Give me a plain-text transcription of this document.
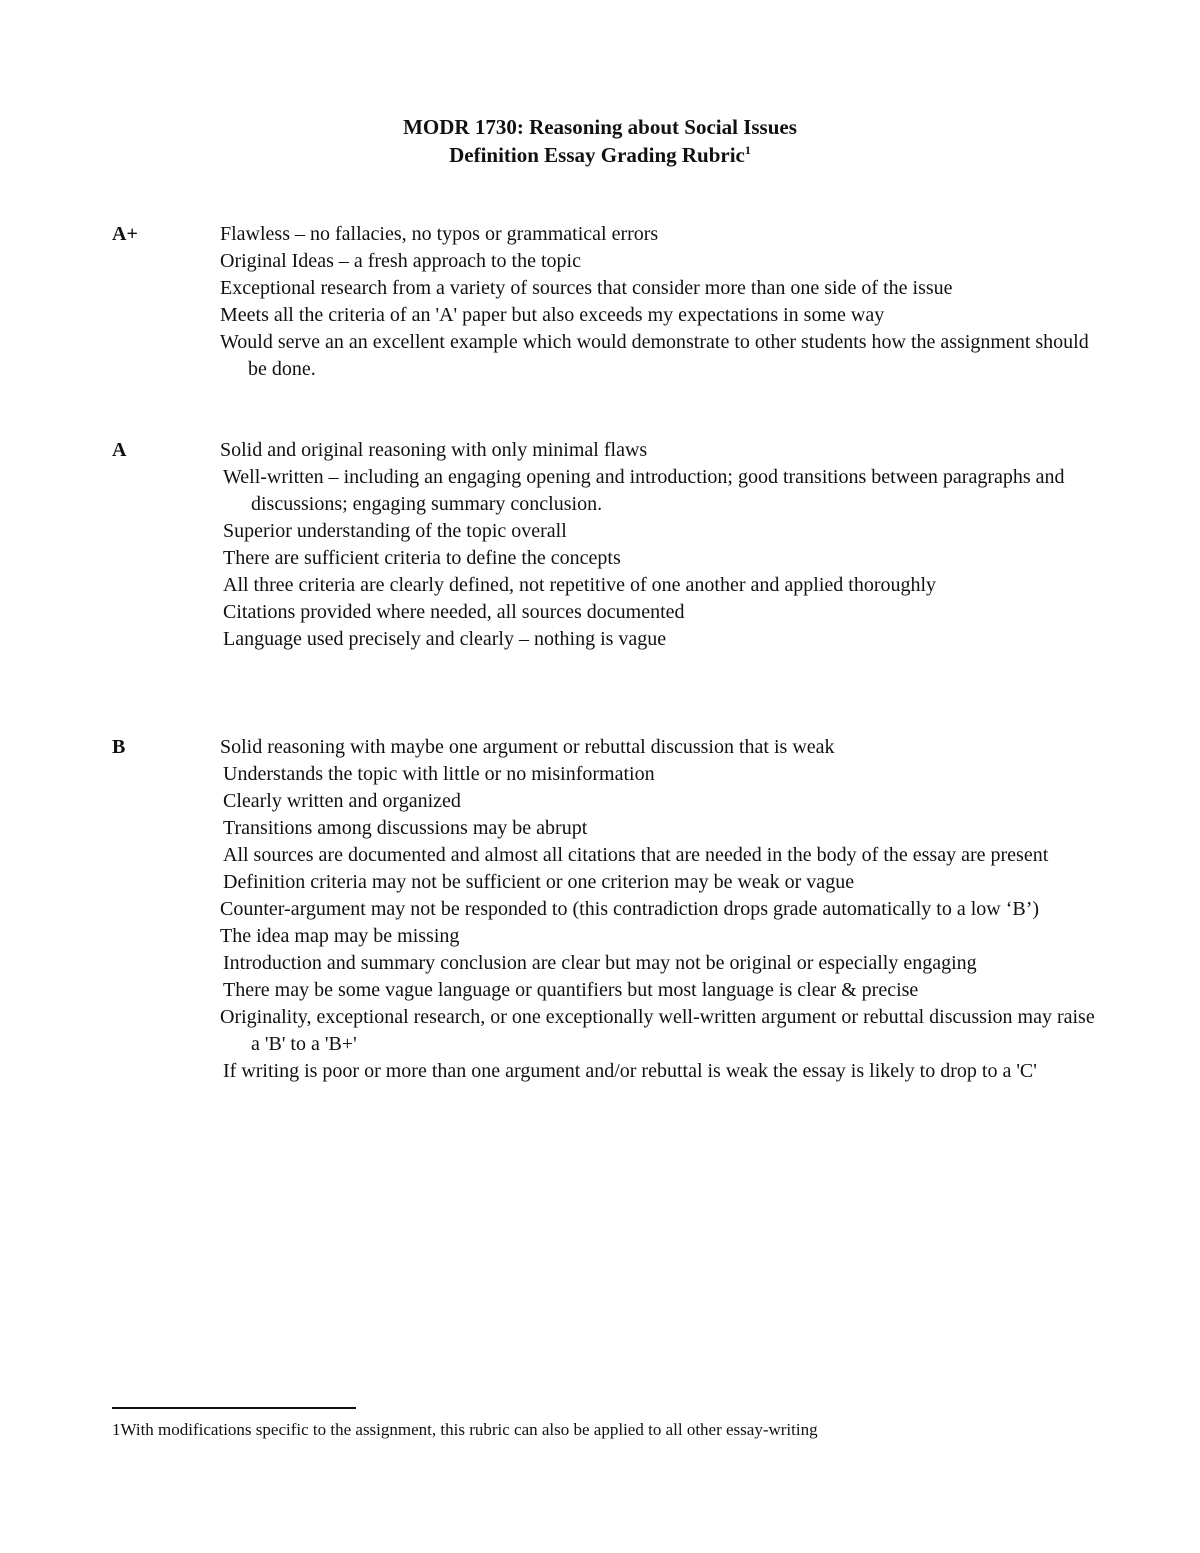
MODR 1730: Reasoning about Social Issues
Definition Essay Grading Rubric$^1$
A+	Flawless – no fallacies, no typos or grammatical errors
Original Ideas – a fresh approach to the topic
Exceptional research from a variety of sources that consider more than one side of the issue
Meets all the criteria of an 'A' paper but also exceeds my expectations in some way
Would serve an an excellent example which would demonstrate to other students how the assignment should be done.
A	Solid and original reasoning with only minimal flaws
Well-written – including an engaging opening and introduction; good transitions between paragraphs and discussions; engaging summary conclusion.
Superior understanding of the topic overall
There are sufficient criteria to define the concepts
All three criteria are clearly defined, not repetitive of one another and applied thoroughly
Citations provided where needed, all sources documented
Language used precisely and clearly – nothing is vague
B	Solid reasoning with maybe one argument or rebuttal discussion that is weak
Understands the topic with little or no misinformation
Clearly written and organized
Transitions among discussions may be abrupt
All sources are documented and almost all citations that are needed in the body of the essay are present
Definition criteria may not be sufficient or one criterion may be weak or vague
Counter-argument may not be responded to (this contradiction drops grade automatically to a low ‘B’)
The idea map may be missing
Introduction and summary conclusion are clear but may not be original or especially engaging
There may be some vague language or quantifiers but most language is clear & precise
Originality, exceptional research, or one exceptionally well-written argument or rebuttal discussion may raise a 'B' to a 'B+'
If writing is poor or more than one argument and/or rebuttal is weak the essay is likely to drop to a 'C'
1With modifications specific to the assignment, this rubric can also be applied to all other essay-writing
